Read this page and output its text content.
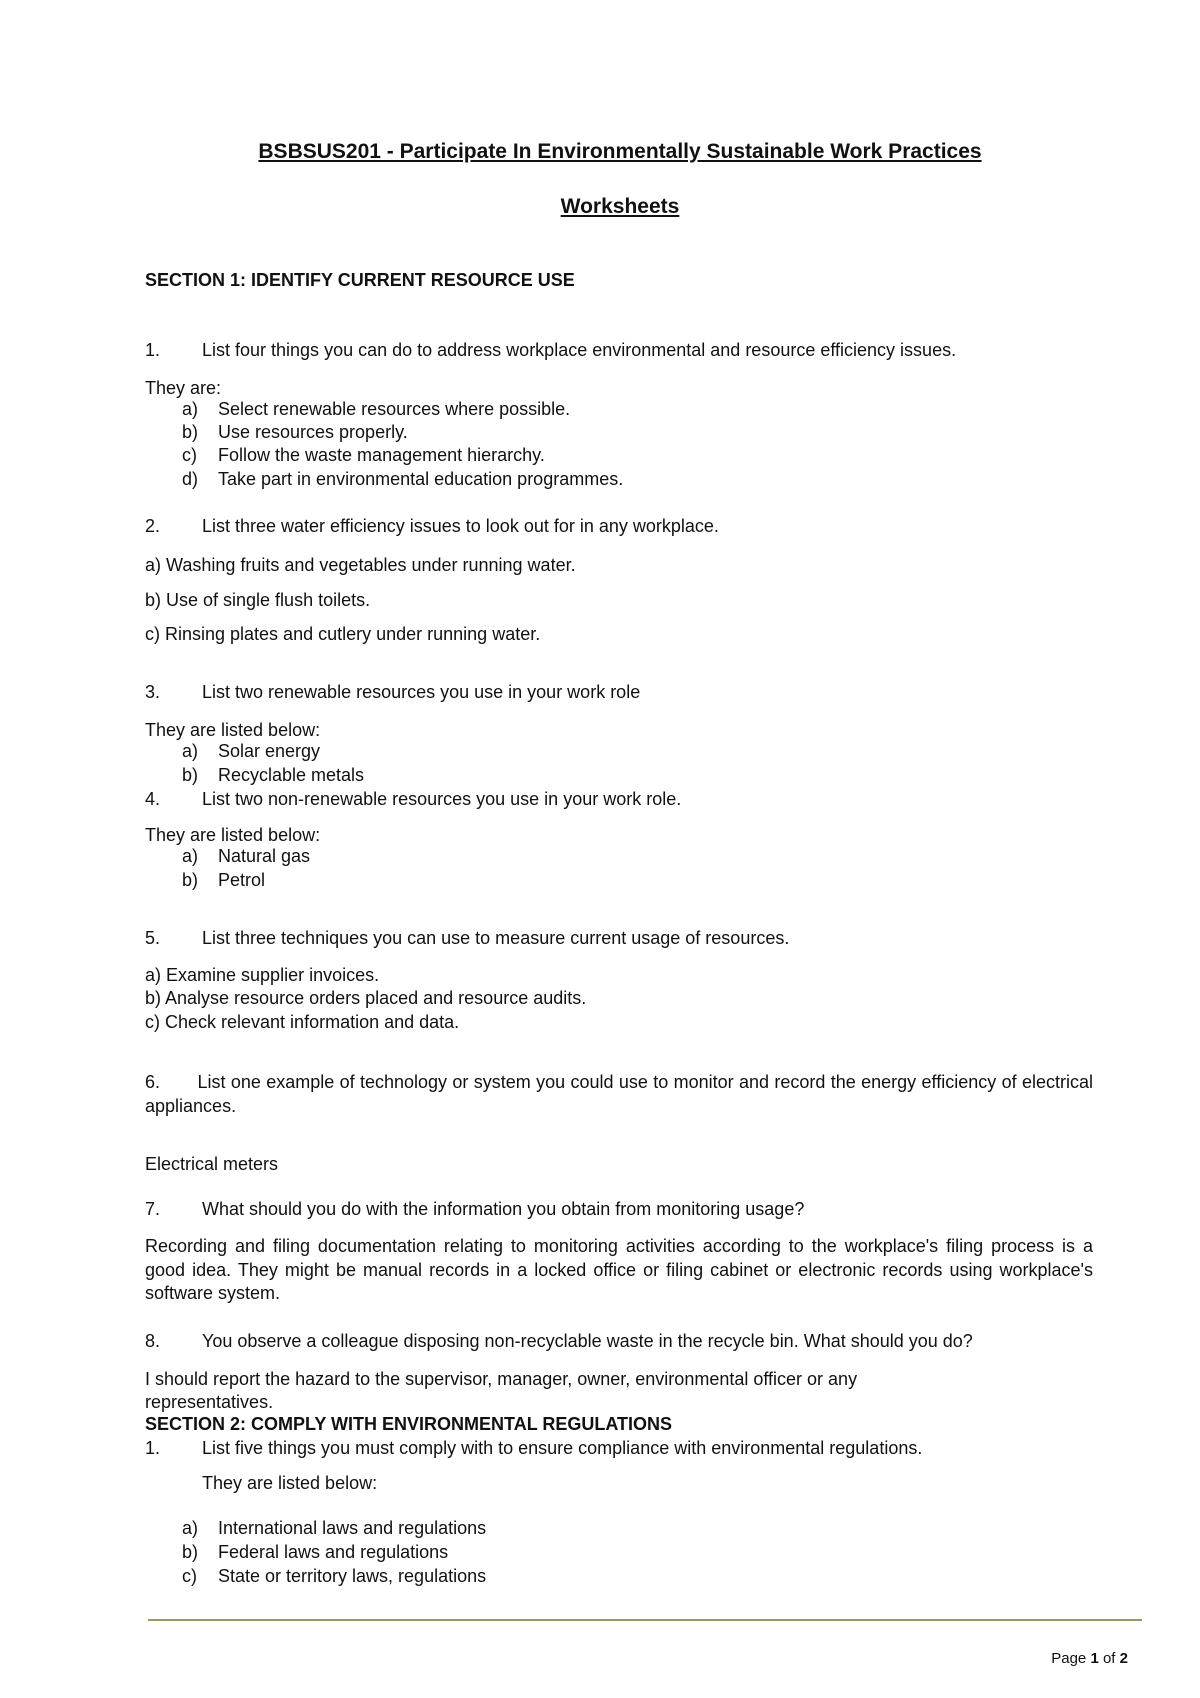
BSBSUS201 - Participate In Environmentally Sustainable Work Practices
Worksheets
SECTION 1: IDENTIFY CURRENT RESOURCE USE
1. List four things you can do to address workplace environmental and resource efficiency issues.
They are:
a) Select renewable resources where possible.
b) Use resources properly.
c) Follow the waste management hierarchy.
d) Take part in environmental education programmes.
2. List three water efficiency issues to look out for in any workplace.
a) Washing fruits and vegetables under running water.
b) Use of single flush toilets.
c) Rinsing plates and cutlery under running water.
3. List two renewable resources you use in your work role
They are listed below:
a) Solar energy
b) Recyclable metals
4. List two non-renewable resources you use in your work role.
They are listed below:
a) Natural gas
b) Petrol
5. List three techniques you can use to measure current usage of resources.
a) Examine supplier invoices.
b) Analyse resource orders placed and resource audits.
c) Check relevant information and data.
6.       List one example of technology or system you could use to monitor and record the energy efficiency of electrical appliances.
Electrical meters
7. What should you do with the information you obtain from monitoring usage?
Recording and filing documentation relating to monitoring activities according to the workplace's filing process is a good idea. They might be manual records in a locked office or filing cabinet or electronic records using workplace's software system.
8. You observe a colleague disposing non-recyclable waste in the recycle bin. What should you do?
I should report the hazard to the supervisor, manager, owner, environmental officer or any
representatives.
SECTION 2: COMPLY WITH ENVIRONMENTAL REGULATIONS
1. List five things you must comply with to ensure compliance with environmental regulations.
They are listed below:
a) International laws and regulations
b) Federal laws and regulations
c) State or territory laws, regulations
Page 1 of 2
